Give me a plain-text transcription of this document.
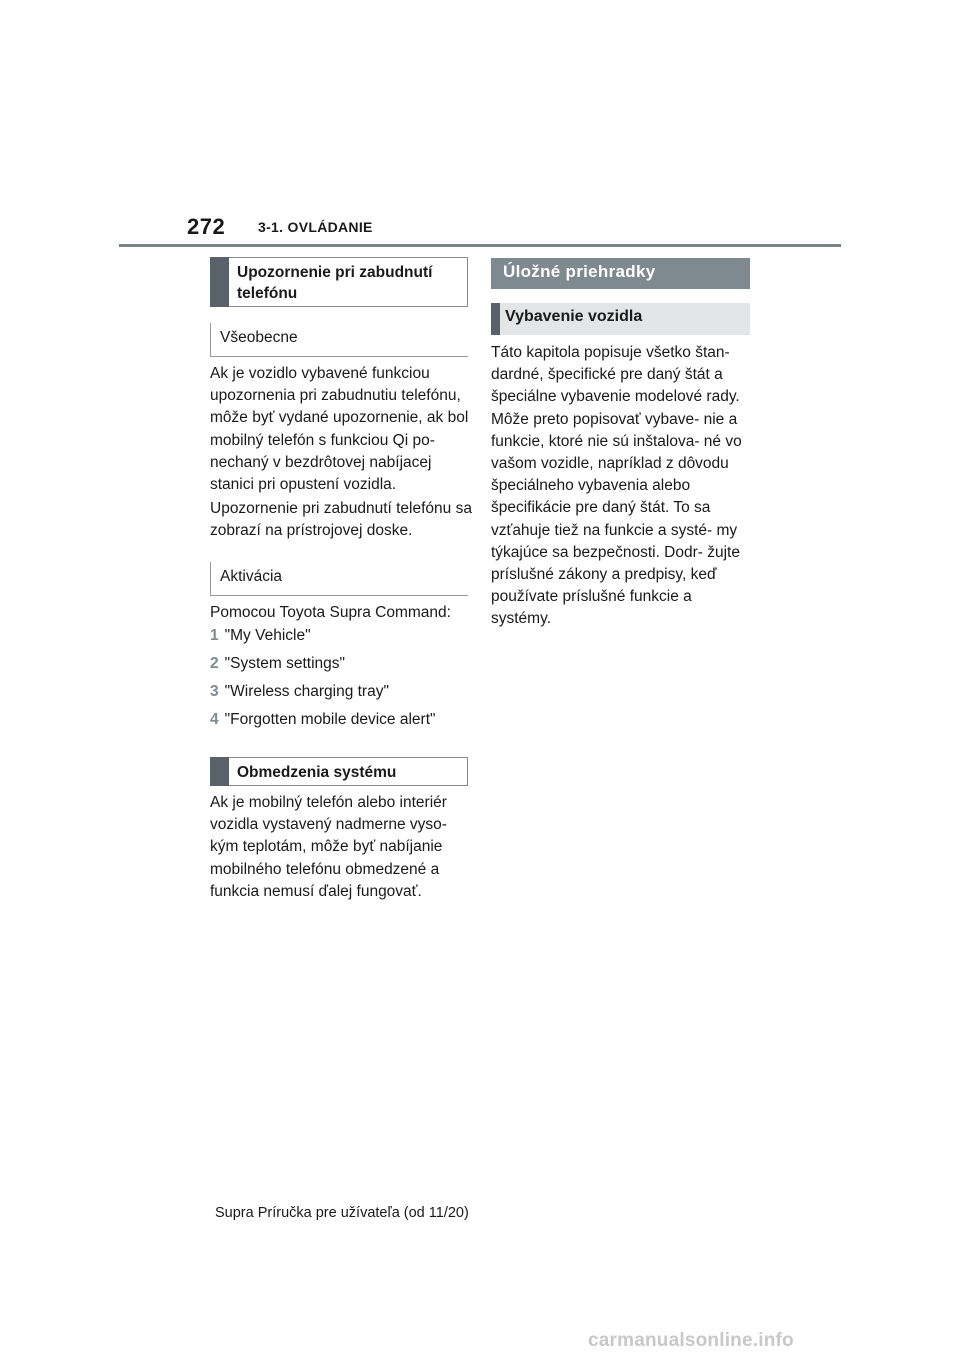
272 3-1. OVLÁDANIE
Upozornenie pri zabudnutí telefónu
Všeobecne
Ak je vozidlo vybavené funkciou upozornenia pri zabudnutiu telefónu, môže byť vydané upozornenie, ak bol mobilný telefón s funkciou Qi po- nechaný v bezdrôtovej nabíjacej stanici pri opustení vozidla.
Upozornenie pri zabudnutí telefónu sa zobrazí na prístrojovej doske.
Aktivácia
Pomocou Toyota Supra Command:
1 "My Vehicle"
2 "System settings"
3 "Wireless charging tray"
4 "Forgotten mobile device alert"
Obmedzenia systému
Ak je mobilný telefón alebo interiér vozidla vystavený nadmerne vyso- kým teplotám, môže byť nabíjanie mobilného telefónu obmedzené a funkcia nemusí ďalej fungovať.
Úložné priehradky
Vybavenie vozidla
Táto kapitola popisuje všetko štan- dardné, špecifické pre daný štát a špeciálne vybavenie modelové rady. Môže preto popisovať vybave- nie a funkcie, ktoré nie sú inštalova- né vo vašom vozidle, napríklad z dôvodu špeciálneho vybavenia alebo špecifikácie pre daný štát. To sa vzťahuje tiež na funkcie a systé- my týkajúce sa bezpečnosti. Dodr- žujte príslušné zákony a predpisy, keď používate príslušné funkcie a systémy.
Supra Príručka pre užívateľa (od 11/20)
carmanualsonline.info
